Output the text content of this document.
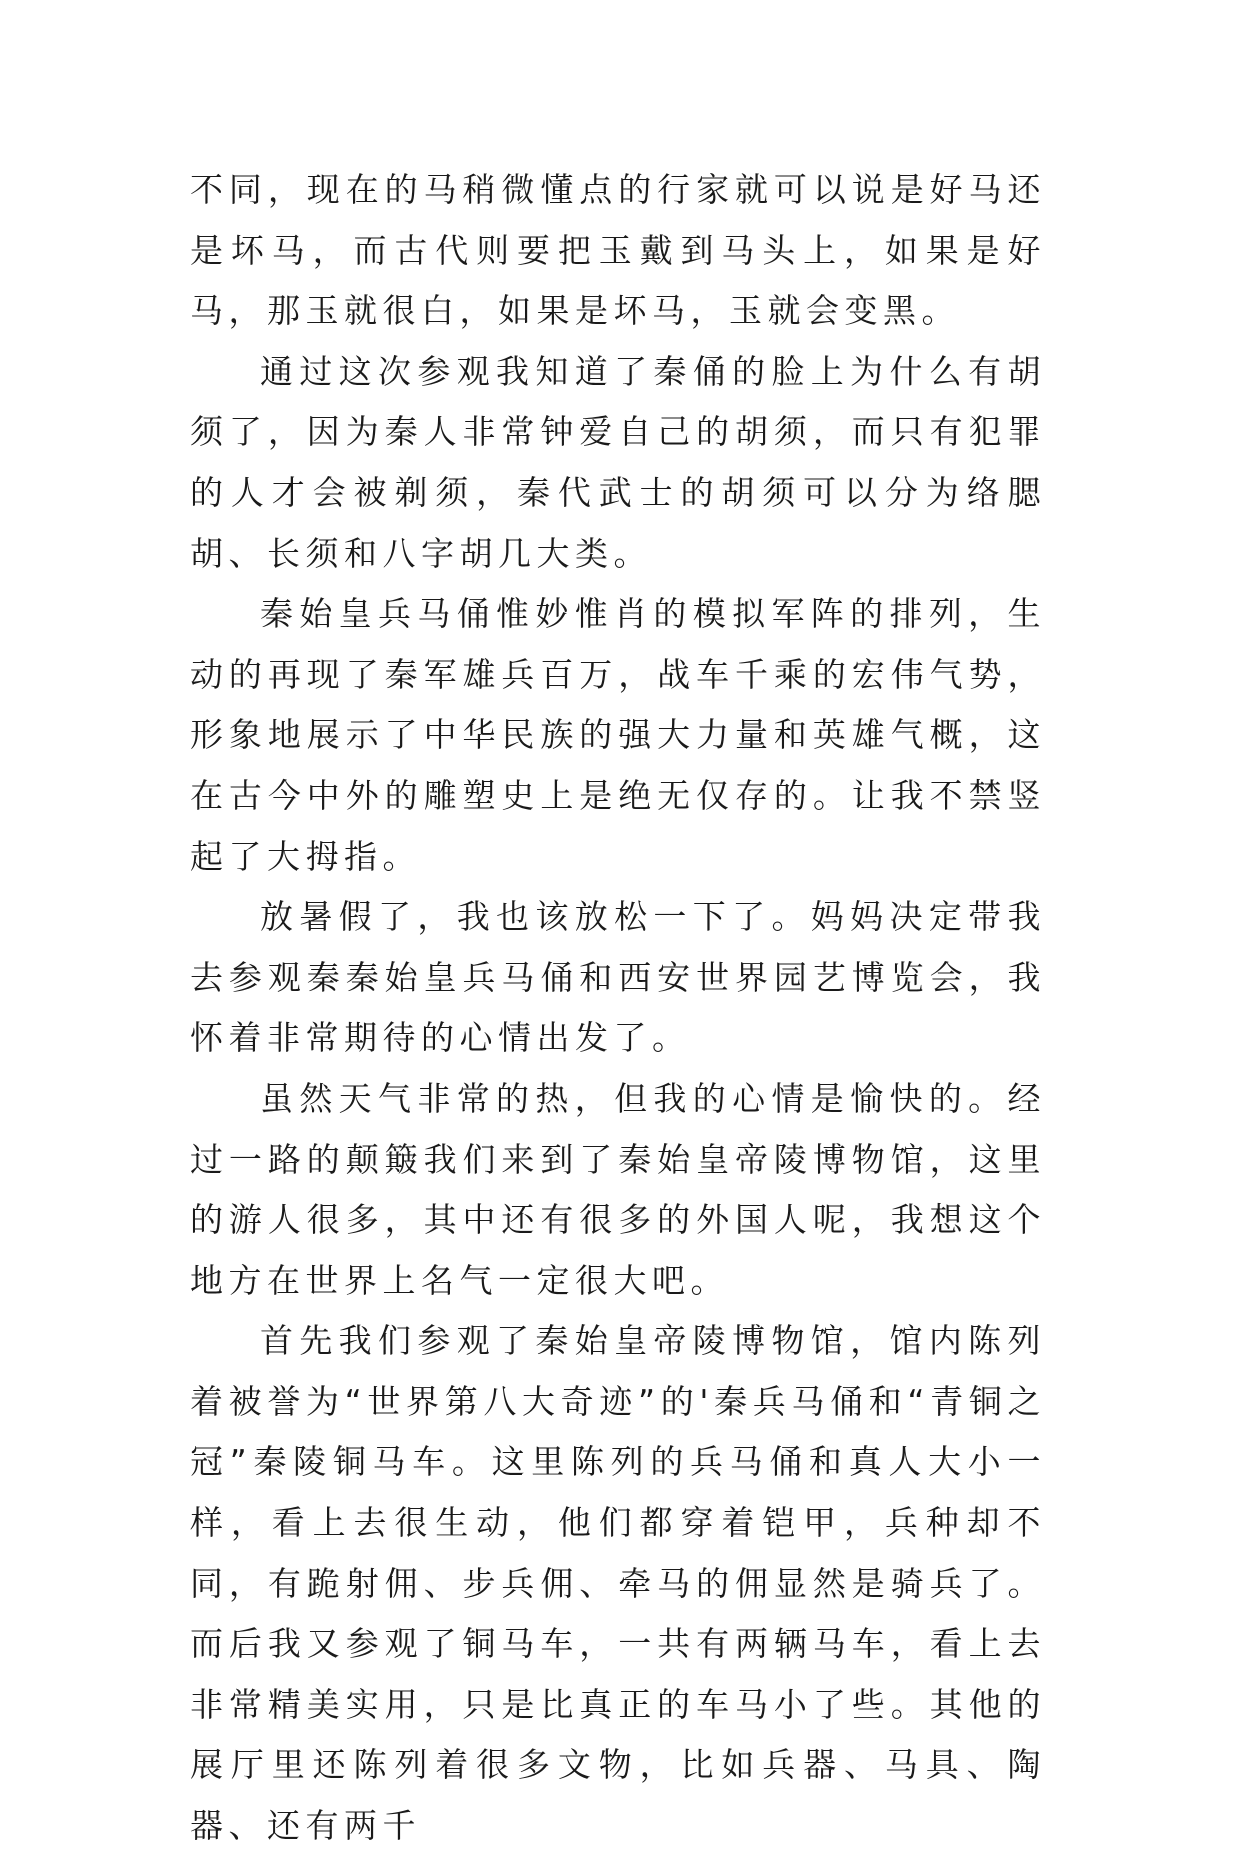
不同，现在的马稍微懂点的行家就可以说是好马还是坏马，而古代则要把玉戴到马头上，如果是好马，那玉就很白，如果是坏马，玉就会变黑。

通过这次参观我知道了秦俑的脸上为什么有胡须了，因为秦人非常钟爱自己的胡须，而只有犯罪的人才会被剃须，秦代武士的胡须可以分为络腮胡、长须和八字胡几大类。

秦始皇兵马俑惟妙惟肖的模拟军阵的排列，生动的再现了秦军雄兵百万，战车千乘的宏伟气势，形象地展示了中华民族的强大力量和英雄气概，这在古今中外的雕塑史上是绝无仅存的。让我不禁竖起了大拇指。

放暑假了，我也该放松一下了。妈妈决定带我去参观秦秦始皇兵马俑和西安世界园艺博览会，我怀着非常期待的心情出发了。

虽然天气非常的热，但我的心情是愉快的。经过一路的颠簸我们来到了秦始皇帝陵博物馆，这里的游人很多，其中还有很多的外国人呢，我想这个地方在世界上名气一定很大吧。

首先我们参观了秦始皇帝陵博物馆，馆内陈列着被誉为“世界第八大奇迹”的'秦兵马俑和“青铜之冠”秦陵铜马车。这里陈列的兵马俑和真人大小一样，看上去很生动，他们都穿着铠甲，兵种却不同，有跪射佣、步兵佣、牵马的佣显然是骑兵了。而后我又参观了铜马车，一共有两辆马车，看上去非常精美实用，只是比真正的车马小了些。其他的展厅里还陈列着很多文物，比如兵器、马具、陶器、还有两千
